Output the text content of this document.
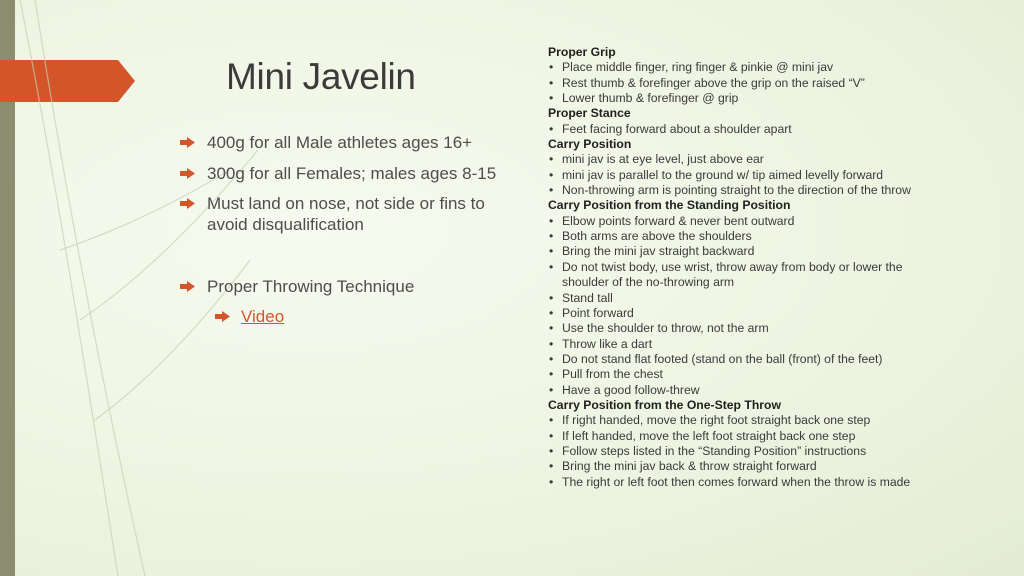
Mini Javelin
400g for all Male athletes ages 16+
300g for all Females; males ages 8-15
Must land on nose, not side or fins to avoid disqualification
Proper Throwing Technique
Video
Proper Grip
• Place middle finger, ring finger & pinkie @ mini jav
• Rest thumb & forefinger above the grip on the raised “V”
• Lower thumb & forefinger @ grip
Proper Stance
• Feet facing forward about a shoulder apart
Carry Position
• mini jav is at eye level, just above ear
• mini jav is parallel to the ground w/ tip aimed levelly forward
• Non-throwing arm is pointing straight to the direction of the throw
Carry Position from the Standing Position
• Elbow points forward & never bent outward
• Both arms are above the shoulders
• Bring the mini jav straight backward
• Do not twist body, use wrist, throw away from body or lower the shoulder of the no-throwing arm
• Stand tall
• Point forward
• Use the shoulder to throw, not the arm
• Throw like a dart
• Do not stand flat footed (stand on the ball (front) of the feet)
• Pull from the chest
• Have a good follow-threw
Carry Position from the One-Step Throw
• If right handed, move the right foot straight back one step
• If left handed, move the left foot straight back one step
• Follow steps listed in the “Standing Position” instructions
• Bring the mini jav back & throw straight forward
• The right or left foot then comes forward when the throw is made
